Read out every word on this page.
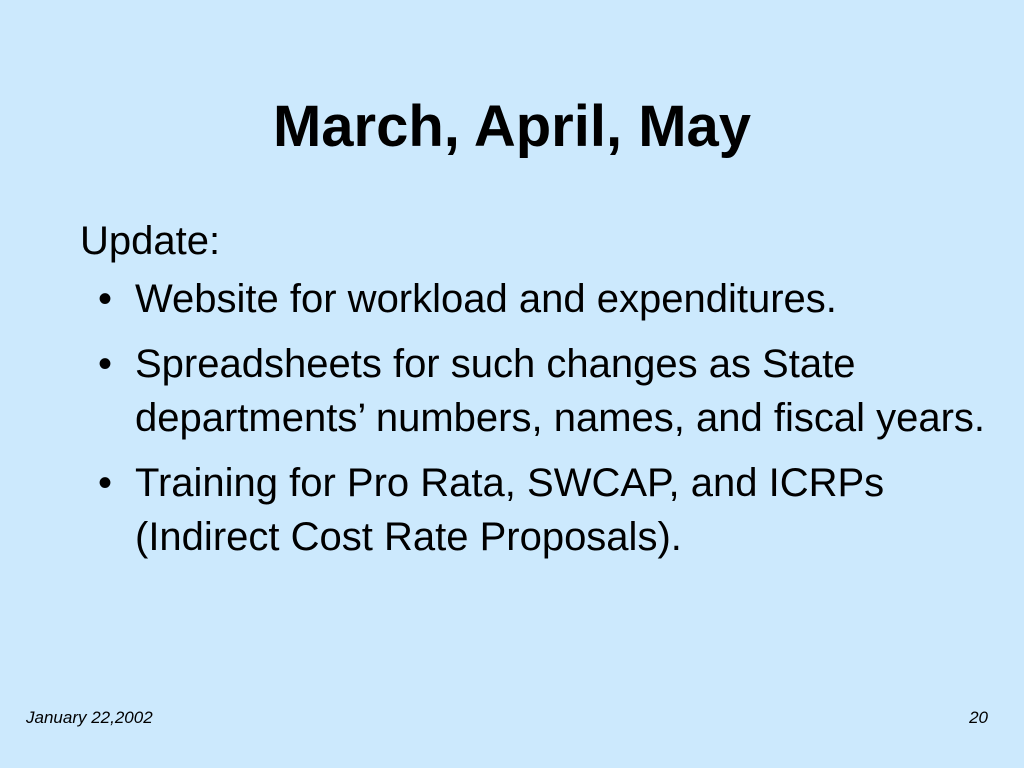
March, April, May

Update:

• Website for workload and expenditures.
• Spreadsheets for such changes as State departments’ numbers, names, and fiscal years.
• Training for Pro Rata, SWCAP, and ICRPs (Indirect Cost Rate Proposals).
January 22,2002	20
